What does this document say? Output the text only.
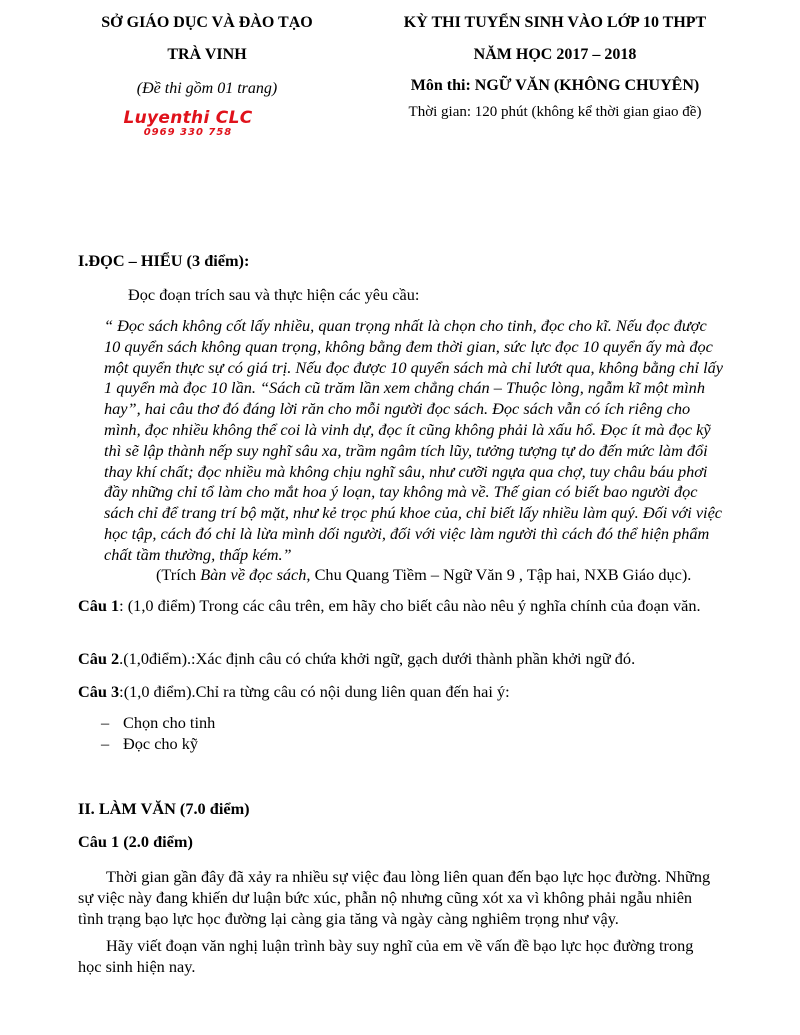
SỞ GIÁO DỤC VÀ ĐÀO TẠO
TRÀ VINH
(Đề thi gồm 01 trang)
Luyenthi CLC
0969 330 758
KỲ THI TUYỂN SINH VÀO LỚP 10 THPT
NĂM HỌC 2017 – 2018
Môn thi: NGỮ VĂN (KHÔNG CHUYÊN)
Thời gian: 120 phút (không kể thời gian giao đề)
I.ĐỌC – HIỂU (3 điểm):
Đọc đoạn trích sau và thực hiện các yêu cầu:
“ Đọc sách không cốt lấy nhiều, quan trọng nhất là chọn cho tinh, đọc cho kĩ. Nếu đọc được 10 quyển sách không quan trọng, không bằng đem thời gian, sức lực đọc 10 quyển ấy mà đọc một quyển thực sự có giá trị. Nếu đọc được 10 quyển sách mà chỉ lướt qua, không bằng chỉ lấy 1 quyển mà đọc 10 lần. “Sách cũ trăm lần xem chẳng chán – Thuộc lòng, ngẫm kĩ một mình hay”, hai câu thơ đó đáng lời răn cho mỗi người đọc sách. Đọc sách vẫn có ích riêng cho mình, đọc nhiều không thể coi là vinh dự, đọc ít cũng không phải là xấu hổ. Đọc ít mà đọc kỹ thì sẽ lập thành nếp suy nghĩ sâu xa, trầm ngâm tích lũy, tưởng tượng tự do đến mức làm đổi thay khí chất; đọc nhiều mà không chịu nghĩ sâu, như cưỡi ngựa qua chợ, tuy châu báu phơi đầy những chỉ tổ làm cho mắt hoa ý loạn, tay không mà về. Thế gian có biết bao người đọc sách chỉ để trang trí bộ mặt, như kẻ trọc phú khoe của, chỉ biết lấy nhiều làm quý. Đối với việc học tập, cách đó chỉ là lừa mình dối người, đối với việc làm người thì cách đó thể hiện phẩm chất tầm thường, thấp kém.”
(Trích Bàn về đọc sách, Chu Quang Tiềm – Ngữ Văn 9 , Tập hai, NXB Giáo dục).
Câu 1: (1,0 điểm) Trong các câu trên, em hãy cho biết câu nào nêu ý nghĩa chính của đoạn văn.
Câu 2.(1,0điểm).:Xác định câu có chứa khởi ngữ, gạch dưới thành phần khởi ngữ đó.
Câu 3:(1,0 điểm).Chỉ ra từng câu có nội dung liên quan đến hai ý:
– Chọn cho tinh
– Đọc cho kỹ
II. LÀM VĂN (7.0 điểm)
Câu 1 (2.0 điểm)
Thời gian gần đây đã xảy ra nhiều sự việc đau lòng liên quan đến bạo lực học đường. Những sự việc này đang khiến dư luận bức xúc, phẫn nộ nhưng cũng xót xa vì không phải ngẫu nhiên tình trạng bạo lực học đường lại càng gia tăng và ngày càng nghiêm trọng như vậy.
Hãy viết đoạn văn nghị luận trình bày suy nghĩ của em về vấn đề bạo lực học đường trong học sinh hiện nay.
